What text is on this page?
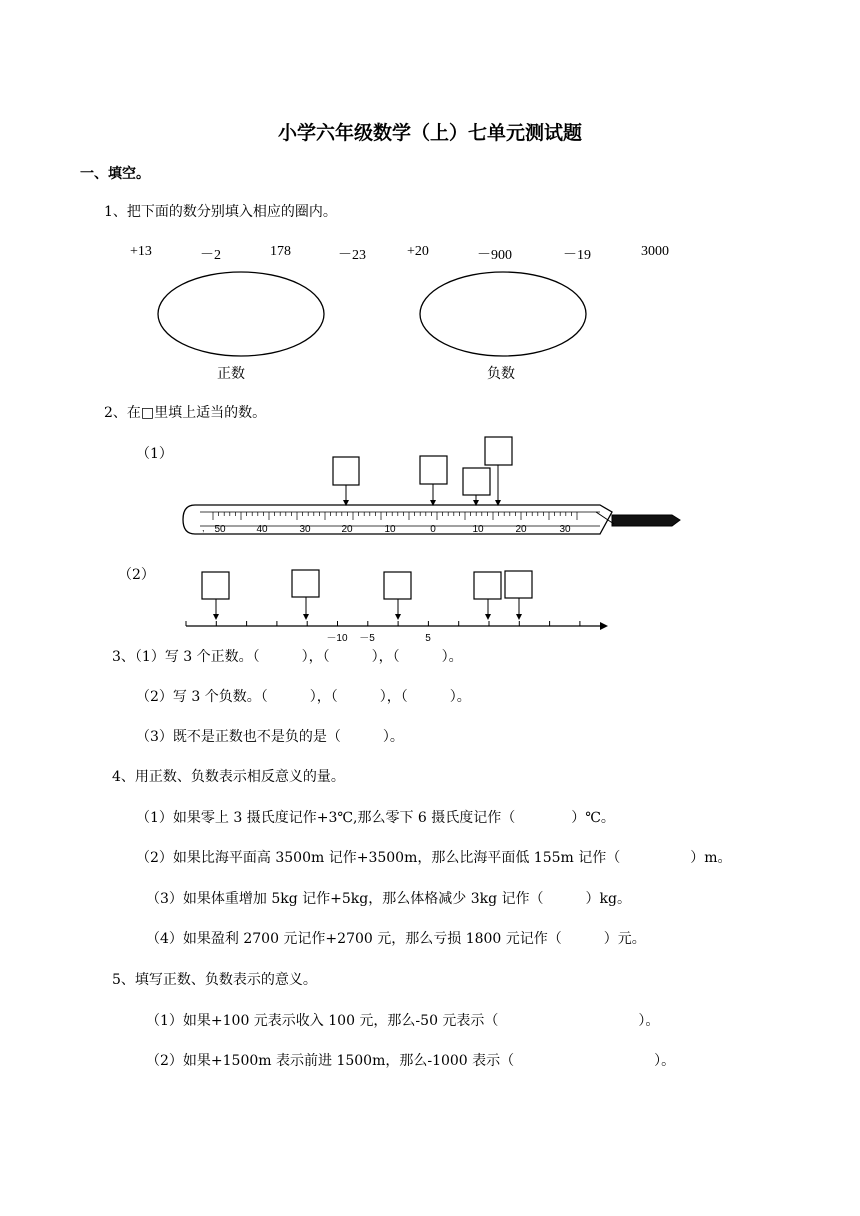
小学六年级数学（上）七单元测试题
一、填空。
1、把下面的数分别填入相应的圈内。
+13	－2	178	－23	+20	－900	－19	3000
正数	负数
2、在□里填上适当的数。
（1）
（2）
50	40	30	20	10	0	10	20	30
,
－10 －5	5
3、（1）写 3 个正数。（　　　），（　　　），（　　　）。
（2）写 3 个负数。（　　　），（　　　），（　　　）。
（3）既不是正数也不是负的是（　　　）。
4、用正数、负数表示相反意义的量。
（1）如果零上 3 摄氏度记作+3℃,那么零下 6 摄氏度记作（　　　　）℃。
（2）如果比海平面高 3500m 记作+3500m，那么比海平面低 155m 记作（　　　　　）m。
（3）如果体重增加 5kg 记作+5kg，那么体格减少 3kg 记作（　　　）kg。
（4）如果盈利 2700 元记作+2700 元，那么亏损 1800 元记作（　　　）元。
5、填写正数、负数表示的意义。
（1）如果+100 元表示收入 100 元，那么-50 元表示（　　　　　　　　　　）。
（2）如果+1500m 表示前进 1500m，那么-1000 表示（　　　　　　　　　　）。
